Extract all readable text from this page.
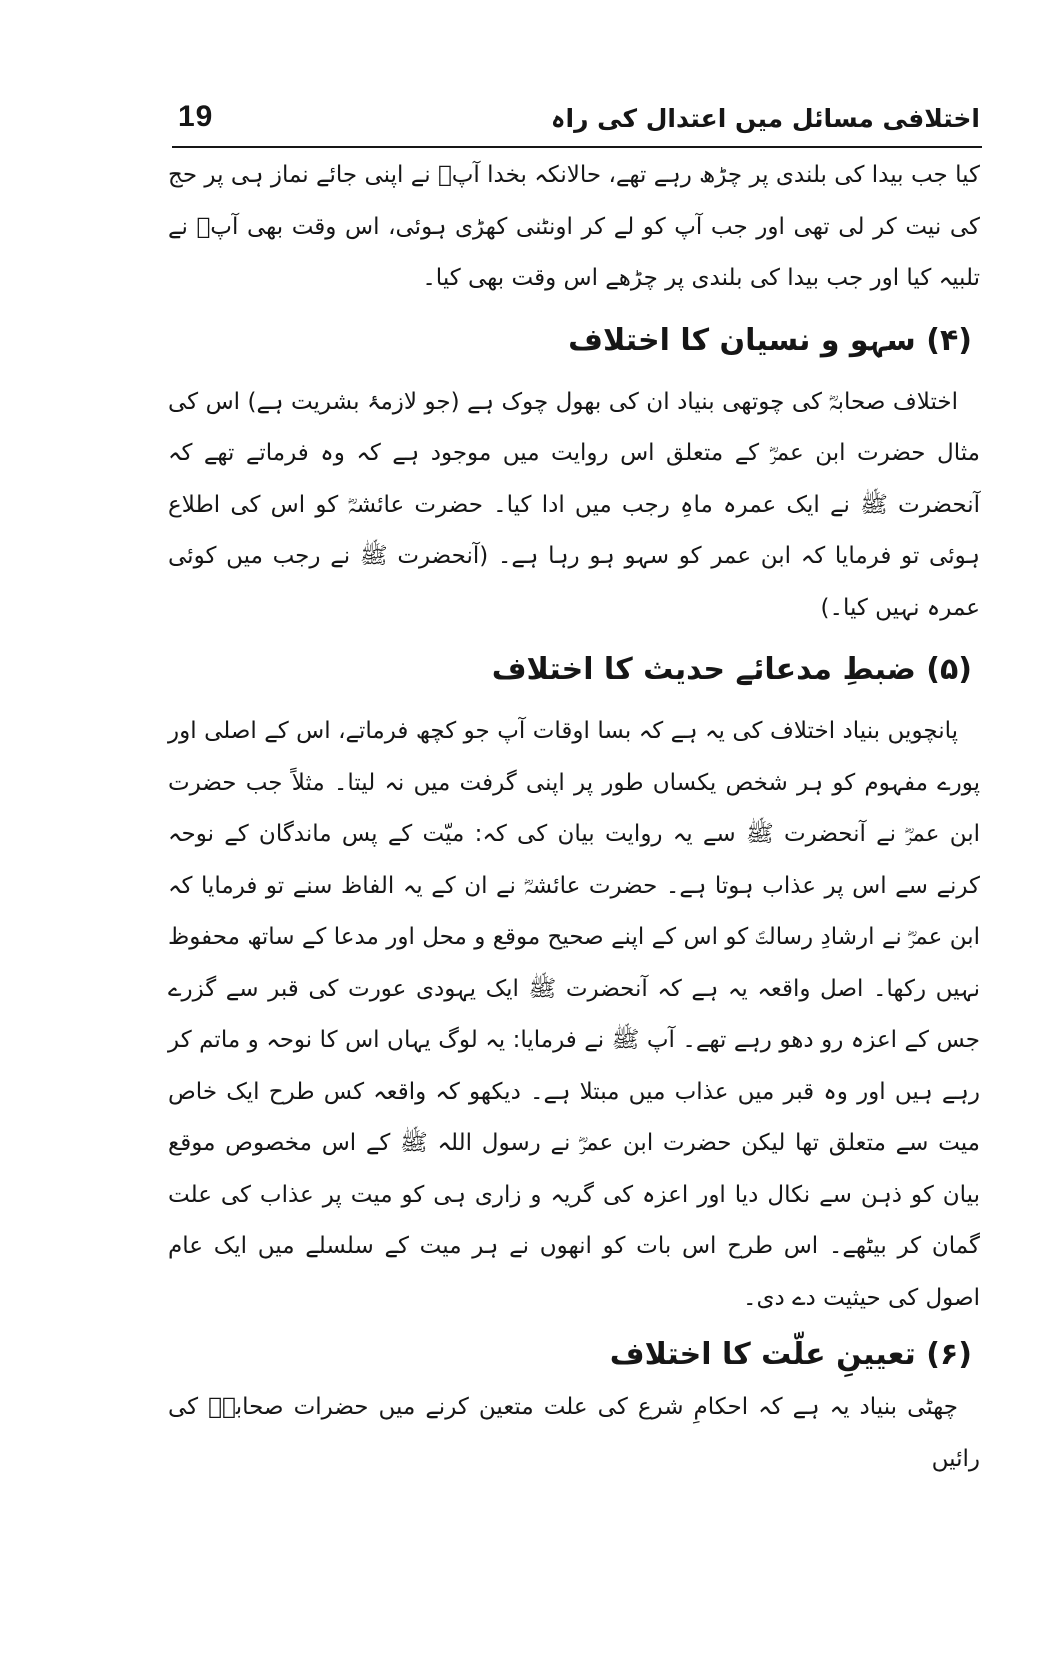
19	اختلافی مسائل میں اعتدال کی راہ

کیا جب بیدا کی بلندی پر چڑھ رہے تھے، حالانکہ بخدا آپؐ نے اپنی جائے نماز ہی پر حج کی نیت کر لی تھی اور جب آپ کو لے کر اونٹنی کھڑی ہوئی، اس وقت بھی آپؐ نے تلبیہ کیا اور جب بیدا کی بلندی پر چڑھے اس وقت بھی کیا۔

(۴) سہو و نسیان کا اختلاف

اختلاف صحابہؓ کی چوتھی بنیاد ان کی بھول چوک ہے (جو لازمۂ بشریت ہے) اس کی مثال حضرت ابن عمرؓ کے متعلق اس روایت میں موجود ہے کہ وہ فرماتے تھے کہ آنحضرت ﷺ نے ایک عمرہ ماہِ رجب میں ادا کیا۔ حضرت عائشہؓ کو اس کی اطلاع ہوئی تو فرمایا کہ ابن عمر کو سہو ہو رہا ہے۔ (آنحضرت ﷺ نے رجب میں کوئی عمرہ نہیں کیا۔)

(۵) ضبطِ مدعائے حدیث کا اختلاف

پانچویں بنیاد اختلاف کی یہ ہے کہ بسا اوقات آپ جو کچھ فرماتے، اس کے اصلی اور پورے مفہوم کو ہر شخص یکساں طور پر اپنی گرفت میں نہ لیتا۔ مثلاً جب حضرت ابن عمرؓ نے آنحضرت ﷺ سے یہ روایت بیان کی کہ: میّت کے پس ماندگان کے نوحہ کرنے سے اس پر عذاب ہوتا ہے۔ حضرت عائشہؓ نے ان کے یہ الفاظ سنے تو فرمایا کہ ابن عمرؓ نے ارشادِ رسالتؐ کو اس کے اپنے صحیح موقع و محل اور مدعا کے ساتھ محفوظ نہیں رکھا۔ اصل واقعہ یہ ہے کہ آنحضرت ﷺ ایک یہودی عورت کی قبر سے گزرے جس کے اعزہ رو دھو رہے تھے۔ آپ ﷺ نے فرمایا: یہ لوگ یہاں اس کا نوحہ و ماتم کر رہے ہیں اور وہ قبر میں عذاب میں مبتلا ہے۔ دیکھو کہ واقعہ کس طرح ایک خاص میت سے متعلق تھا لیکن حضرت ابن عمرؓ نے رسول اللہ ﷺ کے اس مخصوص موقع بیان کو ذہن سے نکال دیا اور اعزہ کی گریہ و زاری ہی کو میت پر عذاب کی علت گمان کر بیٹھے۔ اس طرح اس بات کو انھوں نے ہر میت کے سلسلے میں ایک عام اصول کی حیثیت دے دی۔

(۶) تعیینِ علّت کا اختلاف

چھٹی بنیاد یہ ہے کہ احکامِ شرع کی علت متعین کرنے میں حضرات صحابہؓ کی رائیں
